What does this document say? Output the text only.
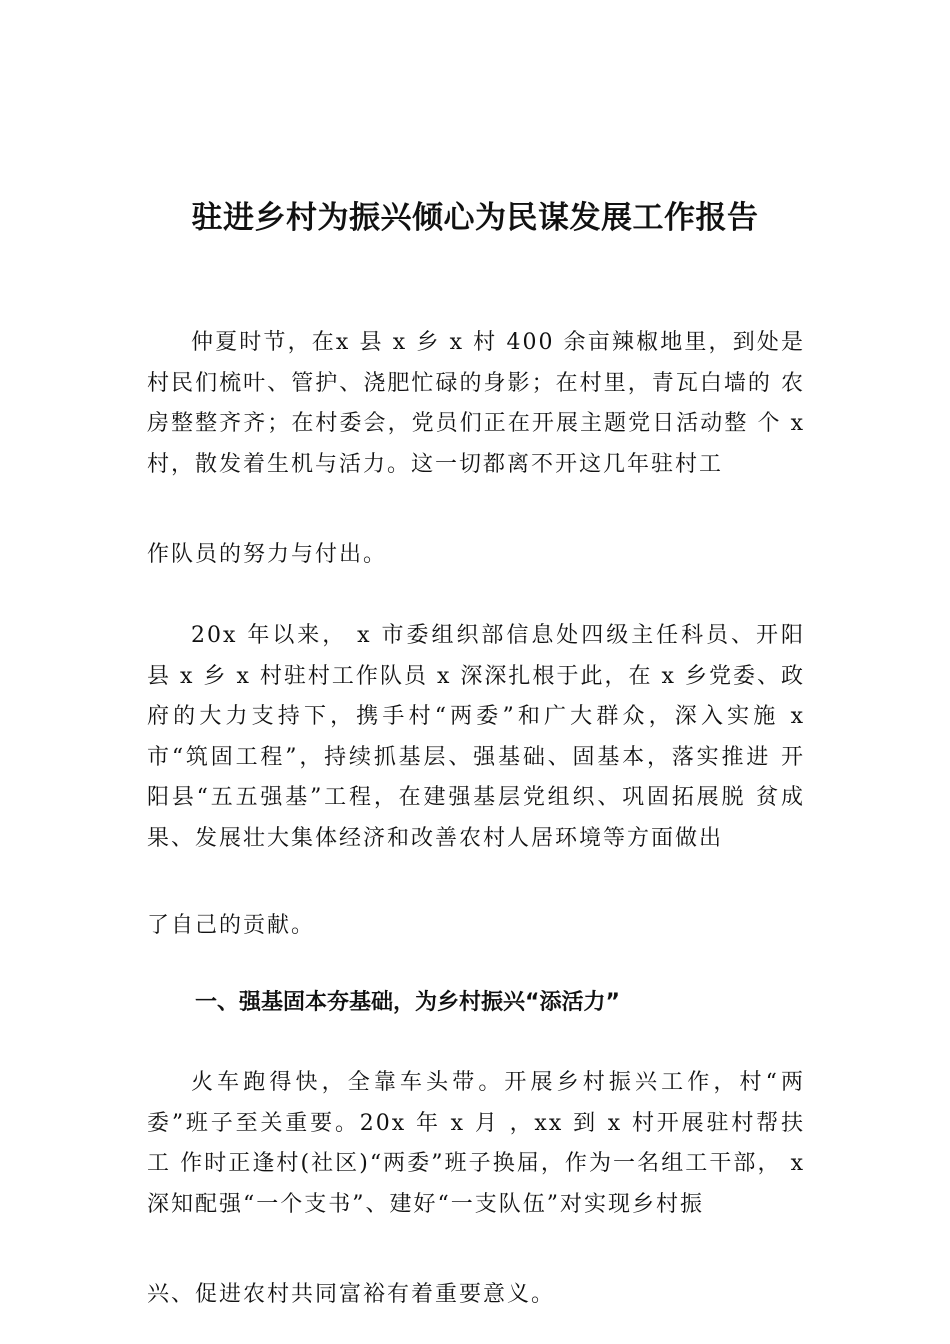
驻进乡村为振兴倾心为民谋发展工作报告

仲夏时节，在x 县 x 乡 x 村 400 余亩辣椒地里，到处是 村民们梳叶、管护、浇肥忙碌的身影；在村里，青瓦白墙的 农房整整齐齐；在村委会，党员们正在开展主题党日活动整 个 x 村，散发着生机与活力。这一切都离不开这几年驻村工

作队员的努力与付出。

20x 年以来， x 市委组织部信息处四级主任科员、开阳 县 x 乡 x 村驻村工作队员 x 深深扎根于此，在 x 乡党委、政 府的大力支持下，携手村“两委”和广大群众，深入实施 x 市“筑固工程”，持续抓基层、强基础、固基本，落实推进 开阳县“五五强基”工程，在建强基层党组织、巩固拓展脱 贫成果、发展壮大集体经济和改善农村人居环境等方面做出

了自己的贡献。

一、强基固本夯基础，为乡村振兴“添活力”

火车跑得快，全靠车头带。开展乡村振兴工作，村“两委”班子至关重要。20x 年 x 月 ，xx 到 x 村开展驻村帮扶工 作时正逢村(社区)“两委”班子换届，作为一名组工干部， x 深知配强“一个支书”、建好“一支队伍”对实现乡村振

兴、促进农村共同富裕有着重要意义。
